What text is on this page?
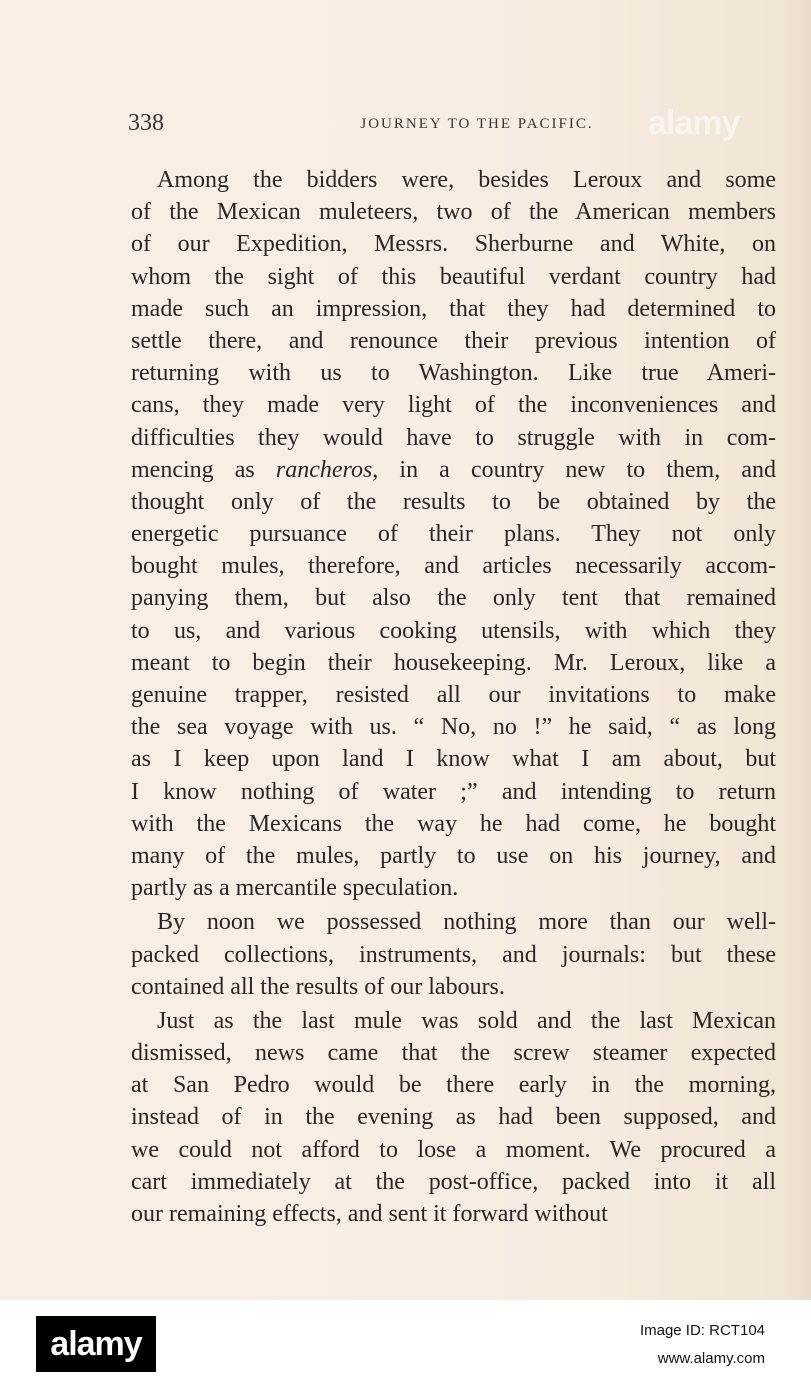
338	JOURNEY TO THE PACIFIC.	alamy
Among the bidders were, besides Leroux and some
of the Mexican muleteers, two of the American members
of our Expedition, Messrs. Sherburne and White, on
whom the sight of this beautiful verdant country had
made such an impression, that they had determined to
settle there, and renounce their previous intention of
returning with us to Washington. Like true Ameri-
cans, they made very light of the inconveniences and
difficulties they would have to struggle with in com-
mencing as rancheros, in a country new to them, and
thought only of the results to be obtained by the
energetic pursuance of their plans. They not only
bought mules, therefore, and articles necessarily accom-
panying them, but also the only tent that remained
to us, and various cooking utensils, with which they
meant to begin their housekeeping. Mr. Leroux, like a
genuine trapper, resisted all our invitations to make
the sea voyage with us. “ No, no !” he said, “ as long
as I keep upon land I know what I am about, but
I know nothing of water ;” and intending to return
with the Mexicans the way he had come, he bought
many of the mules, partly to use on his journey, and
partly as a mercantile speculation.
By noon we possessed nothing more than our well-
packed collections, instruments, and journals: but these
contained all the results of our labours.
Just as the last mule was sold and the last Mexican
dismissed, news came that the screw steamer expected
at San Pedro would be there early in the morning,
instead of in the evening as had been supposed, and
we could not afford to lose a moment. We procured a
cart immediately at the post-office, packed into it all
our remaining effects, and sent it forward without
alamy	Image ID: RCT104
www.alamy.com
